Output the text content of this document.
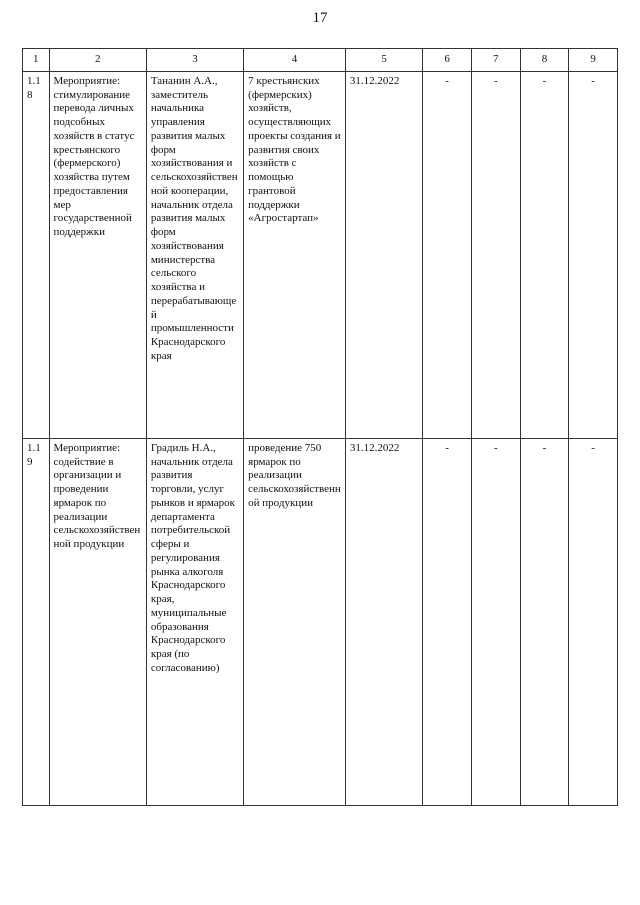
17
1	2	3	4	5	6	7	8	9
1.18	Мероприятие: стимулирование перевода личных подсобных хозяйств в статус крестьянского (фермерского) хозяйства путем предоставления мер государственной поддержки	Тананин А.А., заместитель начальника управления развития малых форм хозяйствования и сельскохозяйственной кооперации, начальник отдела развития малых форм хозяйствования министерства сельского хозяйства и перерабатывающей промышленности Краснодарского края	7 крестьянских (фермерских) хозяйств, осуществляющих проекты создания и развития своих хозяйств с помощью грантовой поддержки «Агростартап»	31.12.2022	-	-	-	-
1.19	Мероприятие: содействие в организации и проведении ярмарок по реализации сельскохозяйственной продукции	Градиль Н.А., начальник отдела развития торговли, услуг рынков и ярмарок департамента потребительской сферы и регулирования рынка алкоголя Краснодарского края, муниципальные образования Краснодарского края (по согласованию)	проведение 750 ярмарок по реализации сельскохозяйственной продукции	31.12.2022	-	-	-	-
